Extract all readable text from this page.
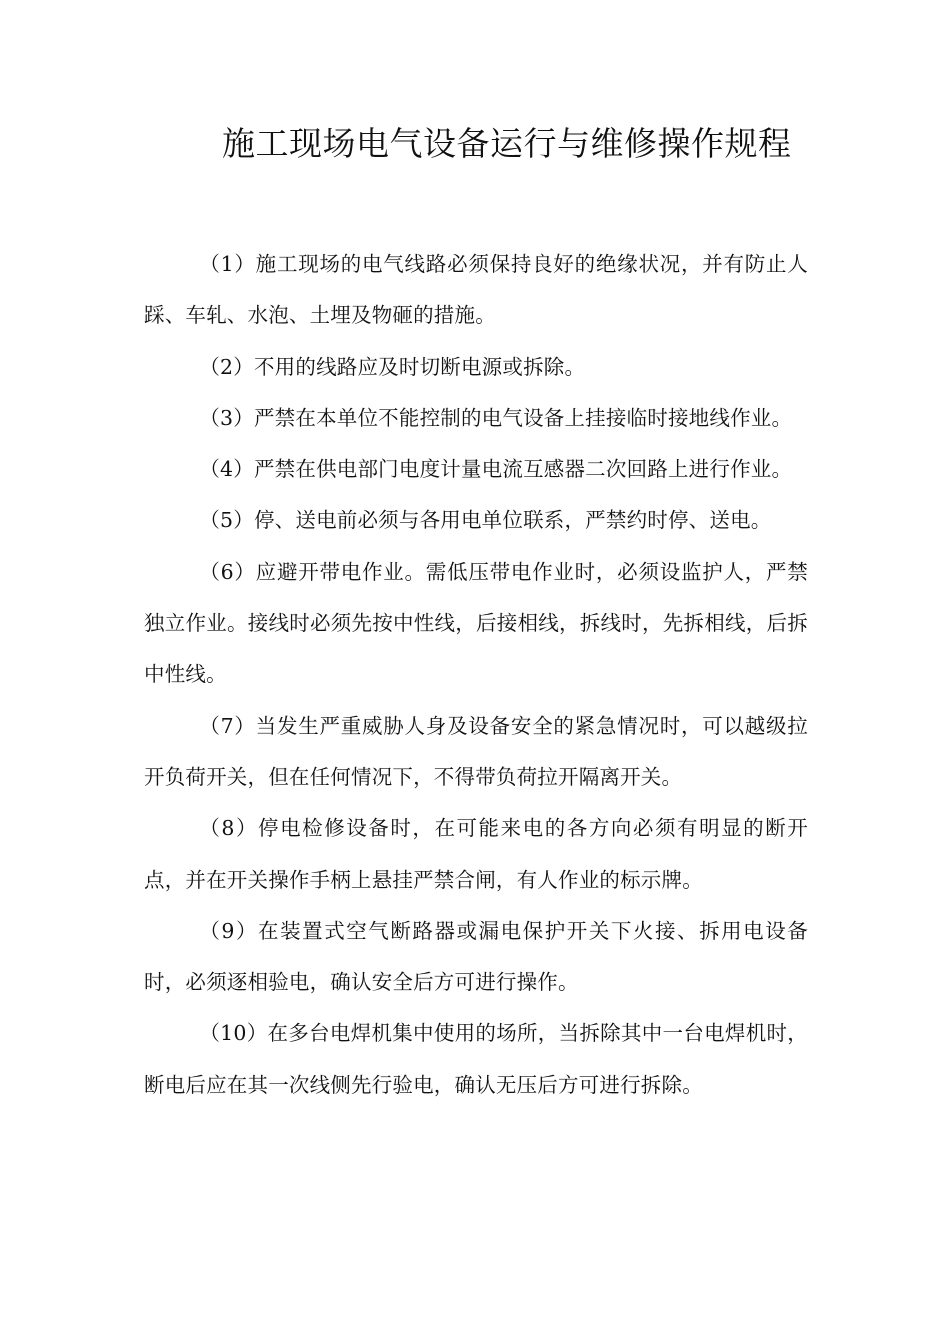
施工现场电气设备运行与维修操作规程

（1）施工现场的电气线路必须保持良好的绝缘状况，并有防止人踩、车轧、水泡、土埋及物砸的措施。

（2）不用的线路应及时切断电源或拆除。

（3）严禁在本单位不能控制的电气设备上挂接临时接地线作业。

（4）严禁在供电部门电度计量电流互感器二次回路上进行作业。

（5）停、送电前必须与各用电单位联系，严禁约时停、送电。

（6）应避开带电作业。需低压带电作业时，必须设监护人，严禁独立作业。接线时必须先按中性线，后接相线，拆线时，先拆相线，后拆中性线。

（7）当发生严重威胁人身及设备安全的紧急情况时，可以越级拉开负荷开关，但在任何情况下，不得带负荷拉开隔离开关。

（8）停电检修设备时，在可能来电的各方向必须有明显的断开点，并在开关操作手柄上悬挂严禁合闸，有人作业的标示牌。

（9）在装置式空气断路器或漏电保护开关下火接、拆用电设备时，必须逐相验电，确认安全后方可进行操作。

（10）在多台电焊机集中使用的场所，当拆除其中一台电焊机时，断电后应在其一次线侧先行验电，确认无压后方可进行拆除。
